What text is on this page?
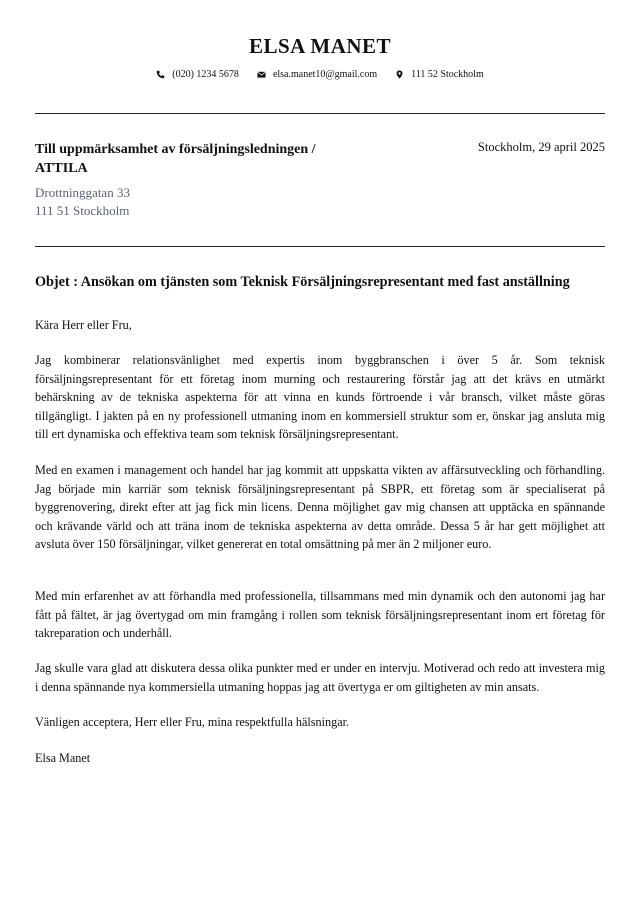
ELSA MANET
(020) 1234 5678	elsa.manet10@gmail.com	111 52 Stockholm
Till uppmärksamhet av försäljningsledningen / ATTILA
Stockholm, 29 april 2025
Drottninggatan 33
111 51 Stockholm
Objet : Ansökan om tjänsten som Teknisk Försäljningsrepresentant med fast anställning
Kära Herr eller Fru,
Jag kombinerar relationsvänlighet med expertis inom byggbranschen i över 5 år. Som teknisk försäljningsrepresentant för ett företag inom murning och restaurering förstår jag att det krävs en utmärkt behärskning av de tekniska aspekterna för att vinna en kunds förtroende i vår bransch, vilket måste göras tillgängligt. I jakten på en ny professionell utmaning inom en kommersiell struktur som er, önskar jag ansluta mig till ert dynamiska och effektiva team som teknisk försäljningsrepresentant.
Med en examen i management och handel har jag kommit att uppskatta vikten av affärsutveckling och förhandling. Jag började min karriär som teknisk försäljningsrepresentant på SBPR, ett företag som är specialiserat på byggrenovering, direkt efter att jag fick min licens. Denna möjlighet gav mig chansen att upptäcka en spännande och krävande värld och att träna inom de tekniska aspekterna av detta område. Dessa 5 år har gett möjlighet att avsluta över 150 försäljningar, vilket genererat en total omsättning på mer än 2 miljoner euro.
Med min erfarenhet av att förhandla med professionella, tillsammans med min dynamik och den autonomi jag har fått på fältet, är jag övertygad om min framgång i rollen som teknisk försäljningsrepresentant inom ert företag för takreparation och underhåll.
Jag skulle vara glad att diskutera dessa olika punkter med er under en intervju. Motiverad och redo att investera mig i denna spännande nya kommersiella utmaning hoppas jag att övertyga er om giltigheten av min ansats.
Vänligen acceptera, Herr eller Fru, mina respektfulla hälsningar.
Elsa Manet
